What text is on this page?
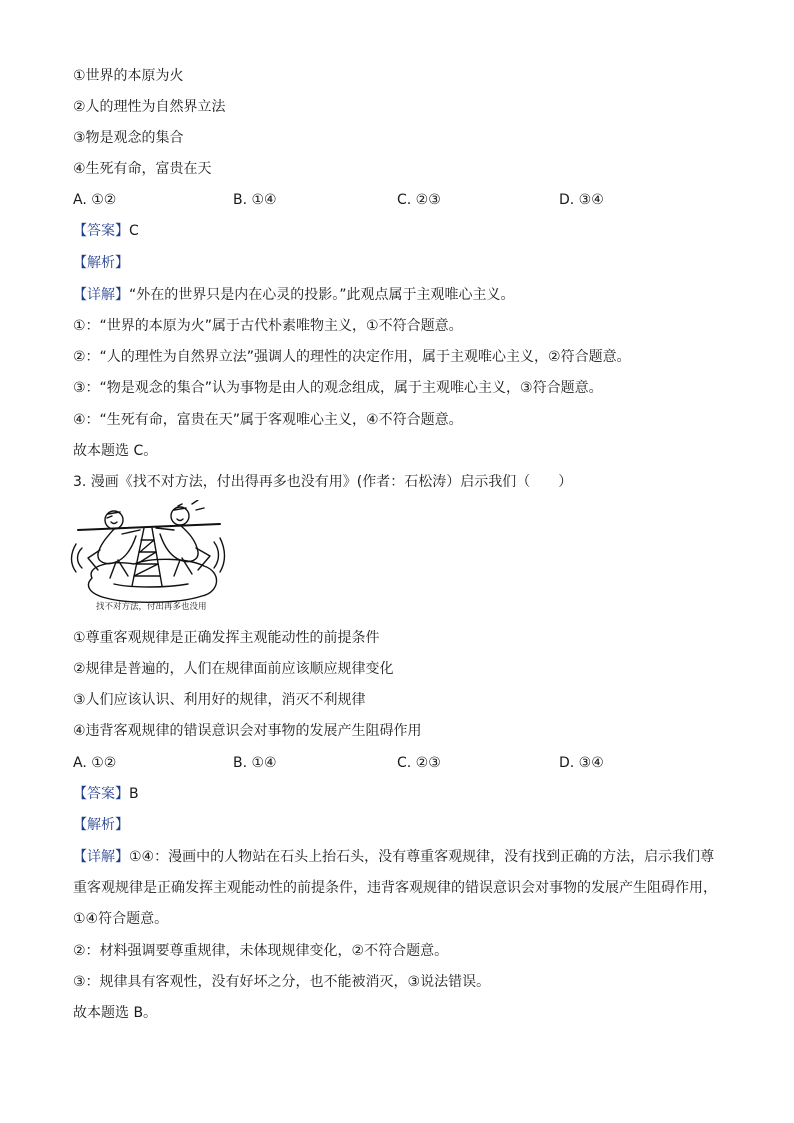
①世界的本原为火
②人的理性为自然界立法
③物是观念的集合
④生死有命，富贵在天
A. ①②	B. ①④	C. ②③	D. ③④
【答案】C
【解析】
【详解】“外在的世界只是内在心灵的投影。”此观点属于主观唯心主义。
①：“世界的本原为火”属于古代朴素唯物主义，①不符合题意。
②：“人的理性为自然界立法”强调人的理性的决定作用，属于主观唯心主义，②符合题意。
③：“物是观念的集合”认为事物是由人的观念组成，属于主观唯心主义，③符合题意。
④：“生死有命，富贵在天”属于客观唯心主义，④不符合题意。
故本题选 C。
3. 漫画《找不对方法，付出得再多也没有用》(作者：石松涛）启示我们（　　）
找不对方法，付出再多也没用
①尊重客观规律是正确发挥主观能动性的前提条件
②规律是普遍的，人们在规律面前应该顺应规律变化
③人们应该认识、利用好的规律，消灭不利规律
④违背客观规律的错误意识会对事物的发展产生阻碍作用
A. ①②	B. ①④	C. ②③	D. ③④
【答案】B
【解析】
【详解】①④：漫画中的人物站在石头上抬石头，没有尊重客观规律，没有找到正确的方法，启示我们尊重客观规律是正确发挥主观能动性的前提条件，违背客观规律的错误意识会对事物的发展产生阻碍作用，①④符合题意。
②：材料强调要尊重规律，未体现规律变化，②不符合题意。
③：规律具有客观性，没有好坏之分，也不能被消灭，③说法错误。
故本题选 B。
